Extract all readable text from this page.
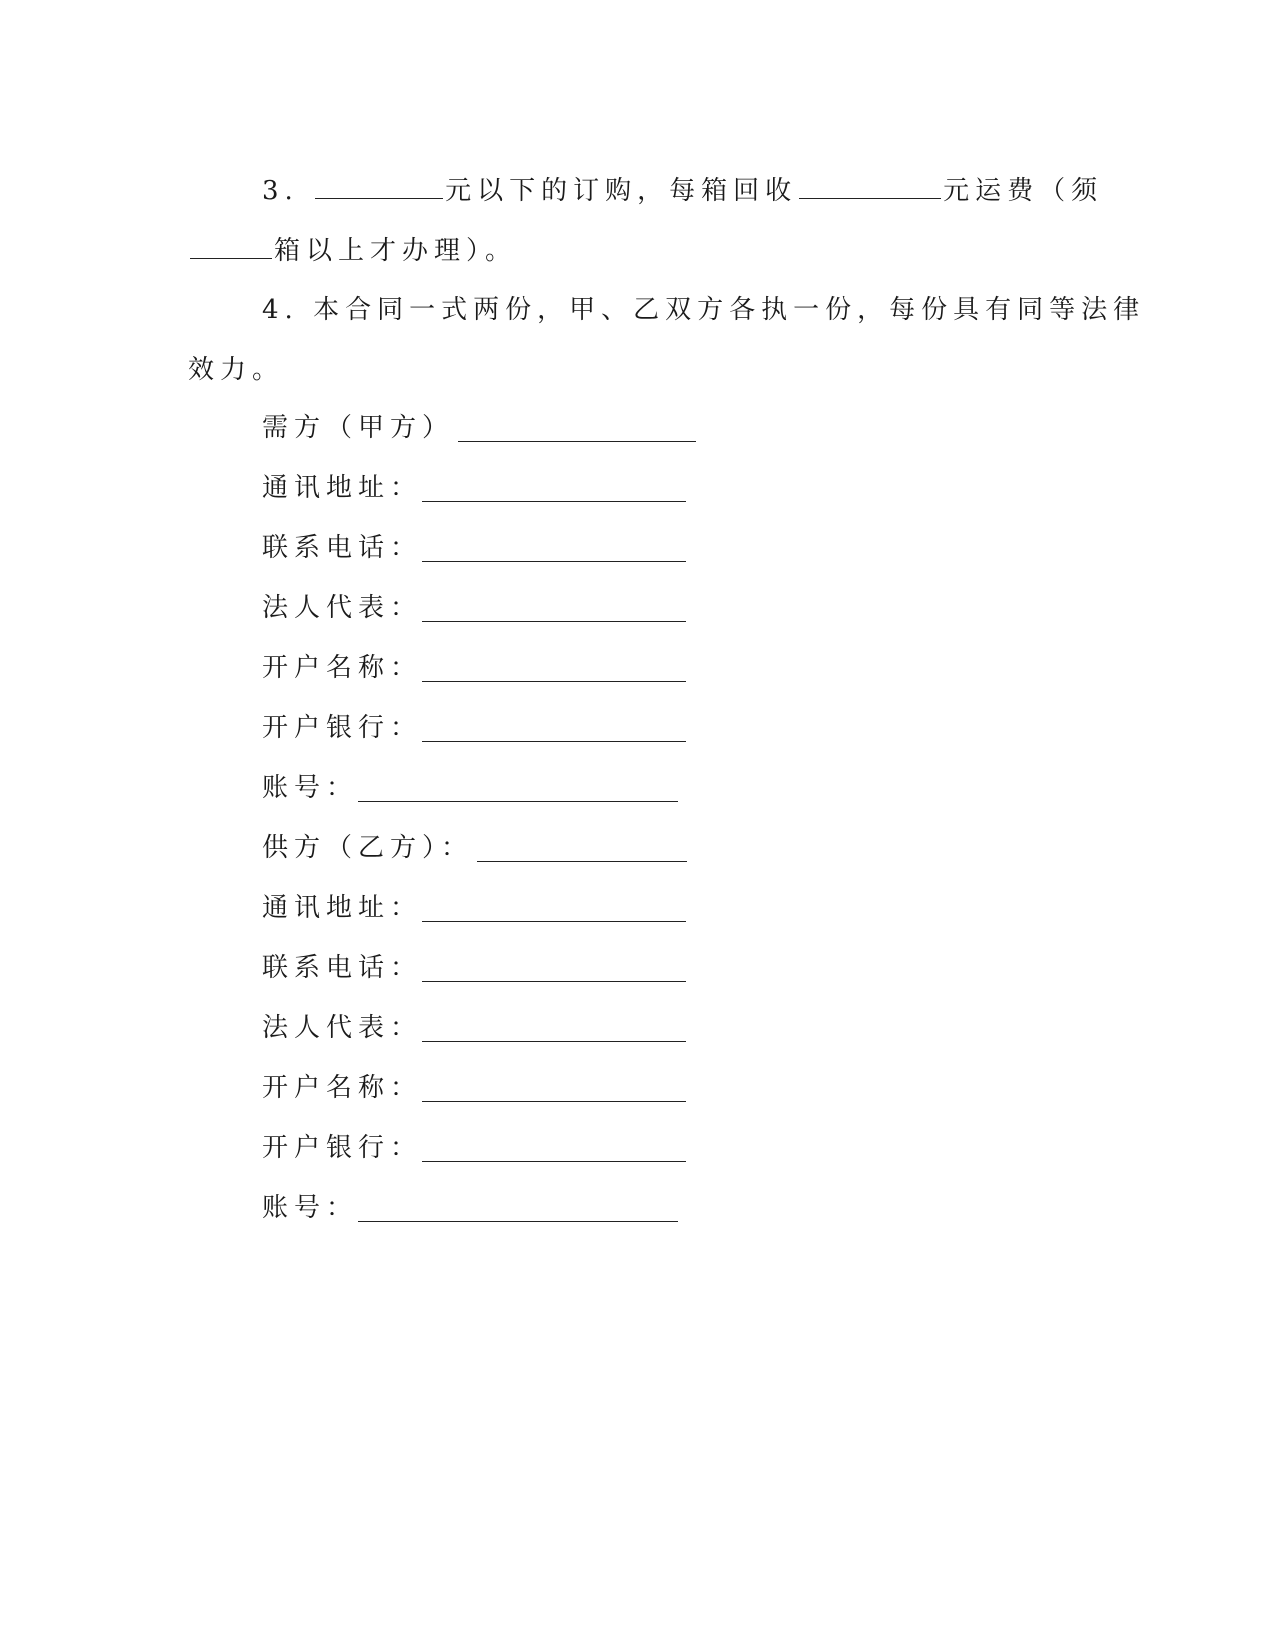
3.	元以下的订购，每箱回收	元运费（须
箱以上才办理）。
4. 本合同一式两份，甲、乙双方各执一份，每份具有同等法律
效力。
需方（甲方）
通讯地址：
联系电话：
法人代表：
开户名称：
开户银行：
账号：
供方（乙方）：
通讯地址：
联系电话：
法人代表：
开户名称：
开户银行：
账号：
